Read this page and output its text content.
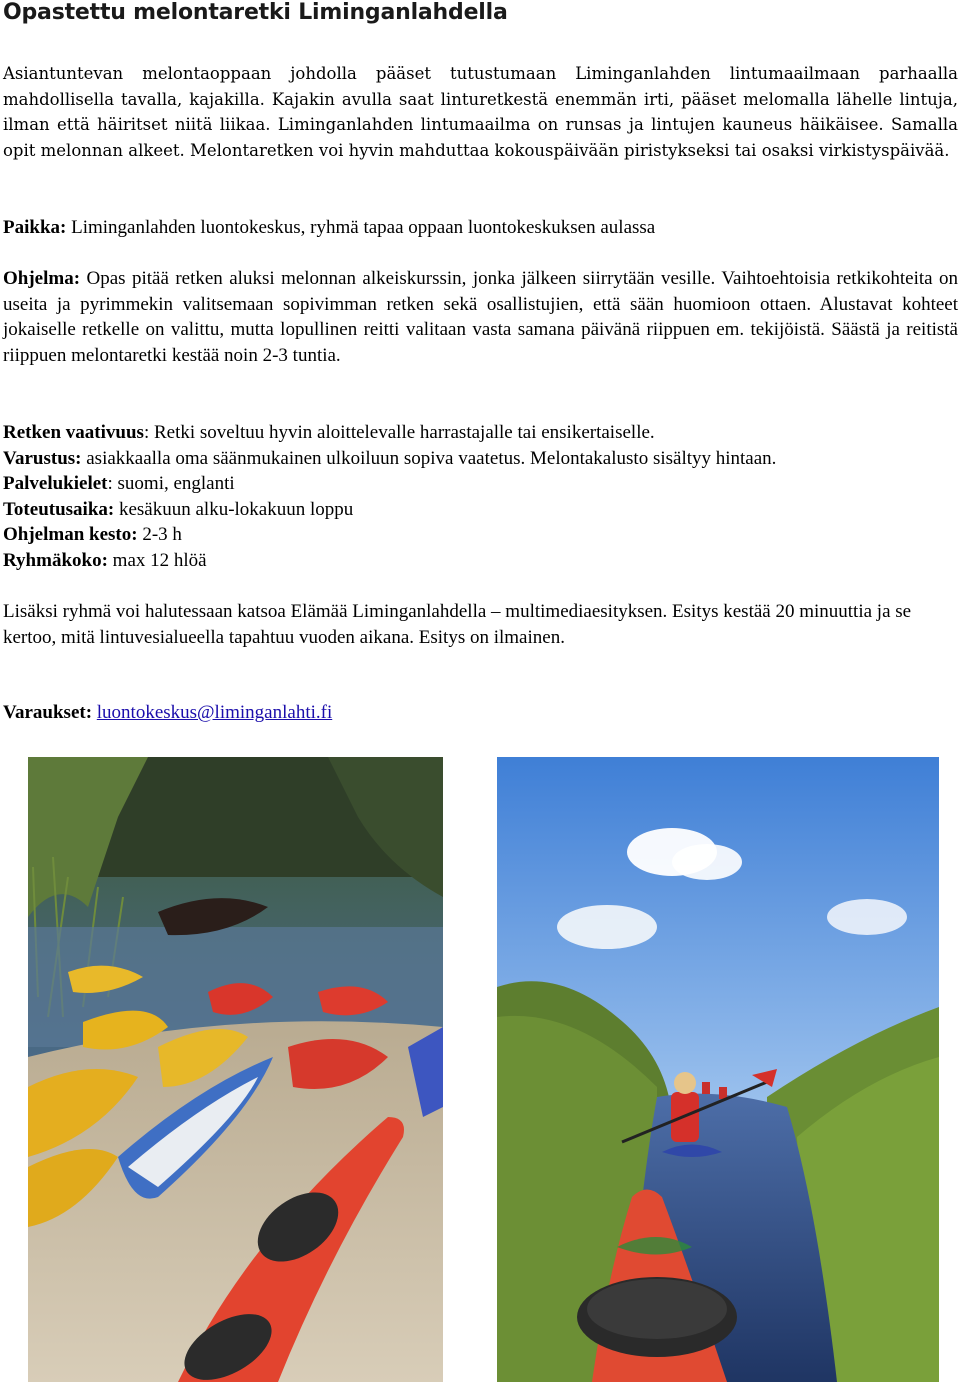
Opastettu melontaretki Liminganlahdella

Asiantuntevan melontaoppaan johdolla pääset tutustumaan Liminganlahden lintumaailmaan parhaalla mahdollisella tavalla, kajakilla. Kajakin avulla saat linturetkestä enemmän irti, pääset melomalla lähelle lintuja, ilman että häiritset niitä liikaa. Liminganlahden lintumaailma on runsas ja lintujen kauneus häikäisee. Samalla opit melonnan alkeet. Melontaretken voi hyvin mahduttaa kokouspäivään piristykseksi tai osaksi virkistyspäivää.

Paikka: Liminganlahden luontokeskus, ryhmä tapaa oppaan luontokeskuksen aulassa

Ohjelma: Opas pitää retken aluksi melonnan alkeiskurssin, jonka jälkeen siirrytään vesille. Vaihtoehtoisia retkikohteita on useita ja pyrimmekin valitsemaan sopivimman retken sekä osallistujien, että sään huomioon ottaen. Alustavat kohteet jokaiselle retkelle on valittu, mutta lopullinen reitti valitaan vasta samana päivänä riippuen em. tekijöistä. Säästä ja reitistä riippuen melontaretki kestää noin 2-3 tuntia.

Retken vaativuus: Retki soveltuu hyvin aloittelevalle harrastajalle tai ensikertaiselle.
Varustus: asiakkaalla oma säänmukainen ulkoiluun sopiva vaatetus. Melontakalusto sisältyy hintaan.
Palvelukielet: suomi, englanti
Toteutusaika: kesäkuun alku-lokakuun loppu
Ohjelman kesto: 2-3 h
Ryhmäkoko: max 12 hlöä

Lisäksi ryhmä voi halutessaan katsoa Elämää Liminganlahdella – multimediaesityksen. Esitys kestää 20 minuuttia ja se kertoo, mitä lintuvesialueella tapahtuu vuoden aikana. Esitys on ilmainen.

Varaukset: luontokeskus@liminganlahti.fi
